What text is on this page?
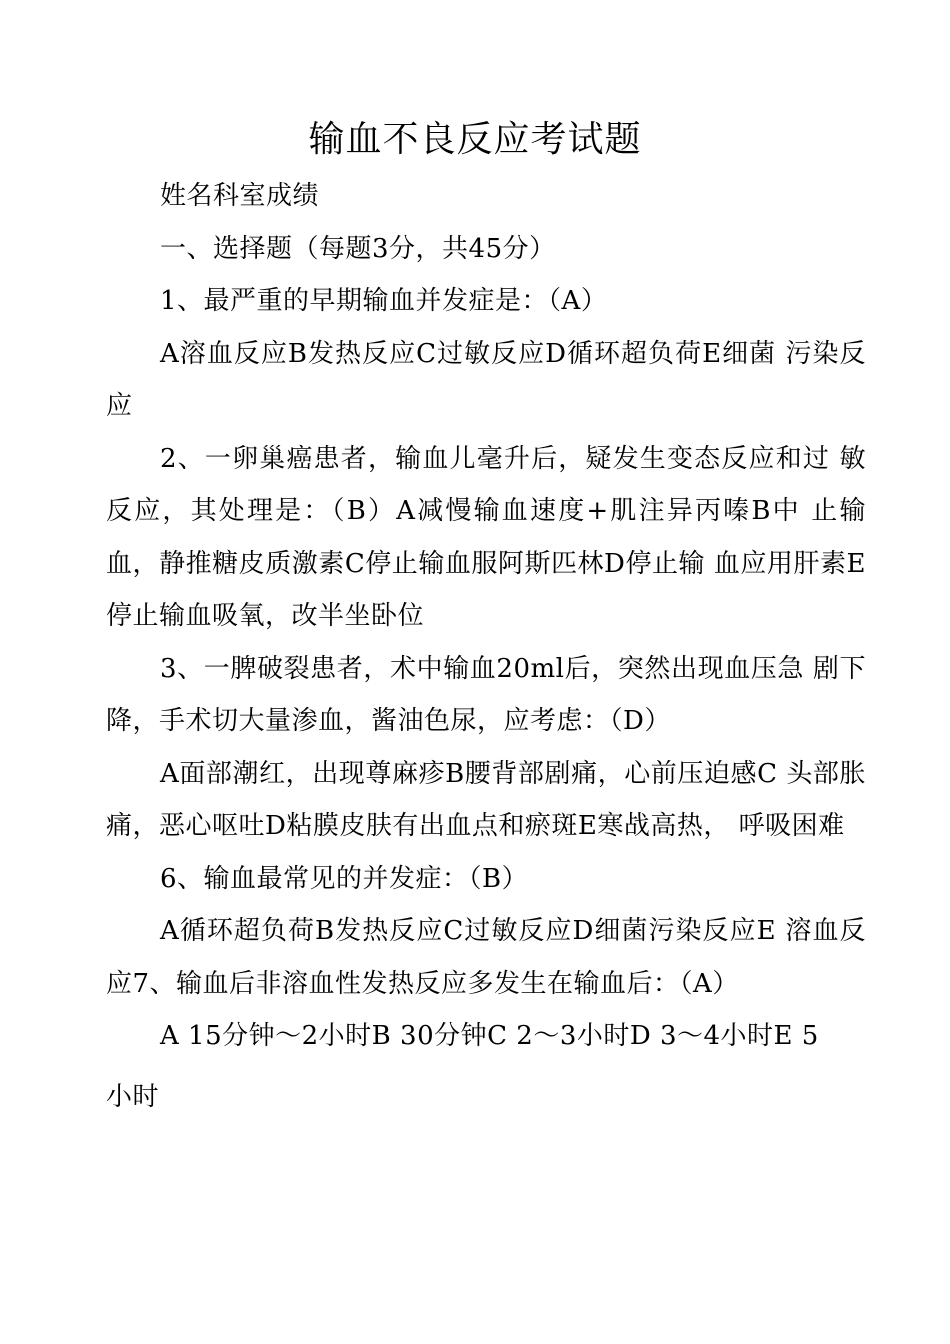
输血不良反应考试题

姓名科室成绩

一、选择题（每题3分，共45分）

1、最严重的早期输血并发症是：（A）

A溶血反应B发热反应C过敏反应D循环超负荷E细菌 污染反应

2、一卵巢癌患者，输血儿毫升后，疑发生变态反应和过 敏反应，其处理是：（B）A减慢输血速度+肌注异丙嗪B中 止输血，静推糖皮质激素C停止输血服阿斯匹林D停止输 血应用肝素E停止输血吸氧，改半坐卧位

3、一脾破裂患者，术中输血20ml后，突然出现血压急 剧下降，手术切大量渗血，酱油色尿，应考虑：（D）

A面部潮红，出现尊麻疹B腰背部剧痛，心前压迫感C 头部胀痛，恶心呕吐D粘膜皮肤有出血点和瘀斑E寒战高热， 呼吸困难

6、输血最常见的并发症：（B）

A循环超负荷B发热反应C过敏反应D细菌污染反应E 溶血反应7、输血后非溶血性发热反应多发生在输血后：（A）

A 15分钟〜2小时B 30分钟C 2〜3小时D 3〜4小时E 5

小时
